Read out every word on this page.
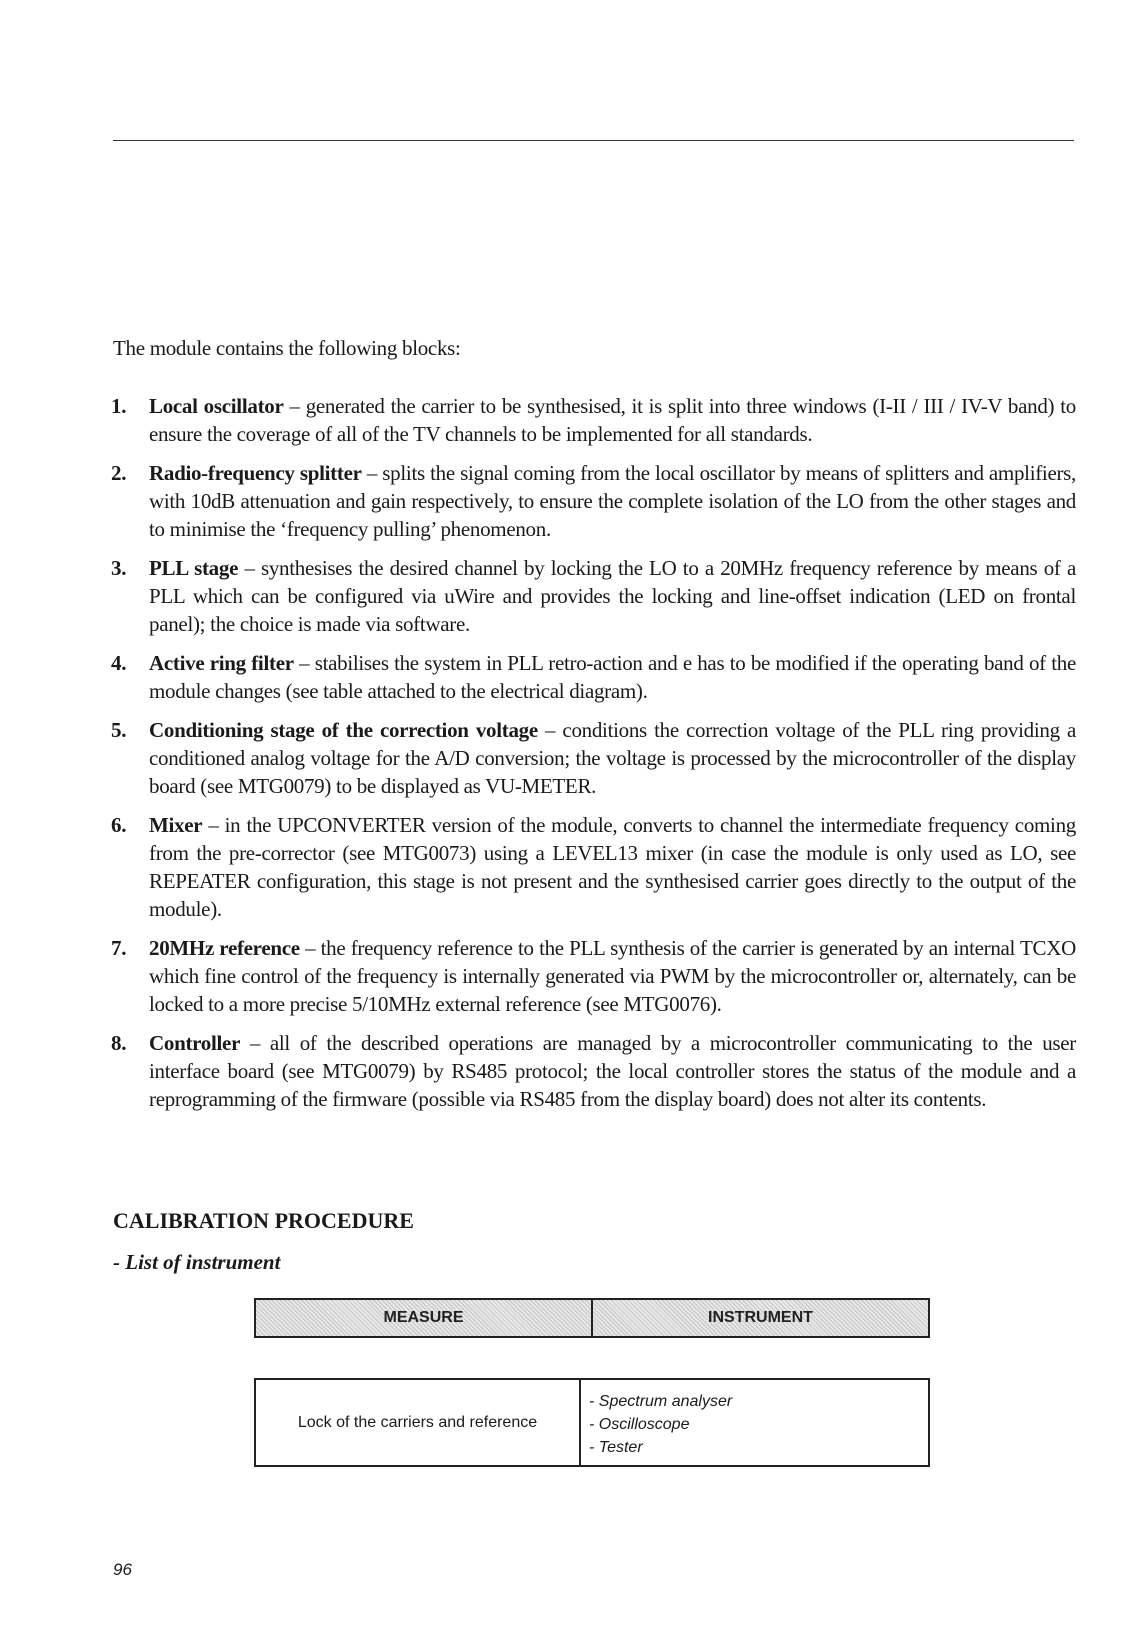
The module contains the following blocks:
1. Local oscillator – generated the carrier to be synthesised, it is split into three windows (I-II / III / IV-V band) to ensure the coverage of all of the TV channels to be implemented for all standards.
2. Radio-frequency splitter – splits the signal coming from the local oscillator by means of splitters and amplifiers, with 10dB attenuation and gain respectively, to ensure the complete isolation of the LO from the other stages and to minimise the ‘frequency pulling’ phenomenon.
3. PLL stage – synthesises the desired channel by locking the LO to a 20MHz frequency reference by means of a PLL which can be configured via uWire and provides the locking and line-offset indication (LED on frontal panel); the choice is made via software.
4. Active ring filter – stabilises the system in PLL retro-action and e has to be modified if the operating band of the module changes (see table attached to the electrical diagram).
5. Conditioning stage of the correction voltage – conditions the correction voltage of the PLL ring providing a conditioned analog voltage for the A/D conversion; the voltage is processed by the microcontroller of the display board (see MTG0079) to be displayed as VU-METER.
6. Mixer – in the UPCONVERTER version of the module, converts to channel the intermediate frequency coming from the pre-corrector (see MTG0073) using a LEVEL13 mixer (in case the module is only used as LO, see REPEATER configuration, this stage is not present and the synthesised carrier goes directly to the output of the module).
7. 20MHz reference – the frequency reference to the PLL synthesis of the carrier is generated by an internal TCXO which fine control of the frequency is internally generated via PWM by the microcontroller or, alternately, can be locked to a more precise 5/10MHz external reference (see MTG0076).
8. Controller – all of the described operations are managed by a microcontroller communicating to the user interface board (see MTG0079) by RS485 protocol; the local controller stores the status of the module and a reprogramming of the firmware (possible via RS485 from the display board) does not alter its contents.
CALIBRATION PROCEDURE
- List of instrument
MEASURE	INSTRUMENT
Lock of the carriers and reference
- Spectrum analyser
- Oscilloscope
- Tester
96
